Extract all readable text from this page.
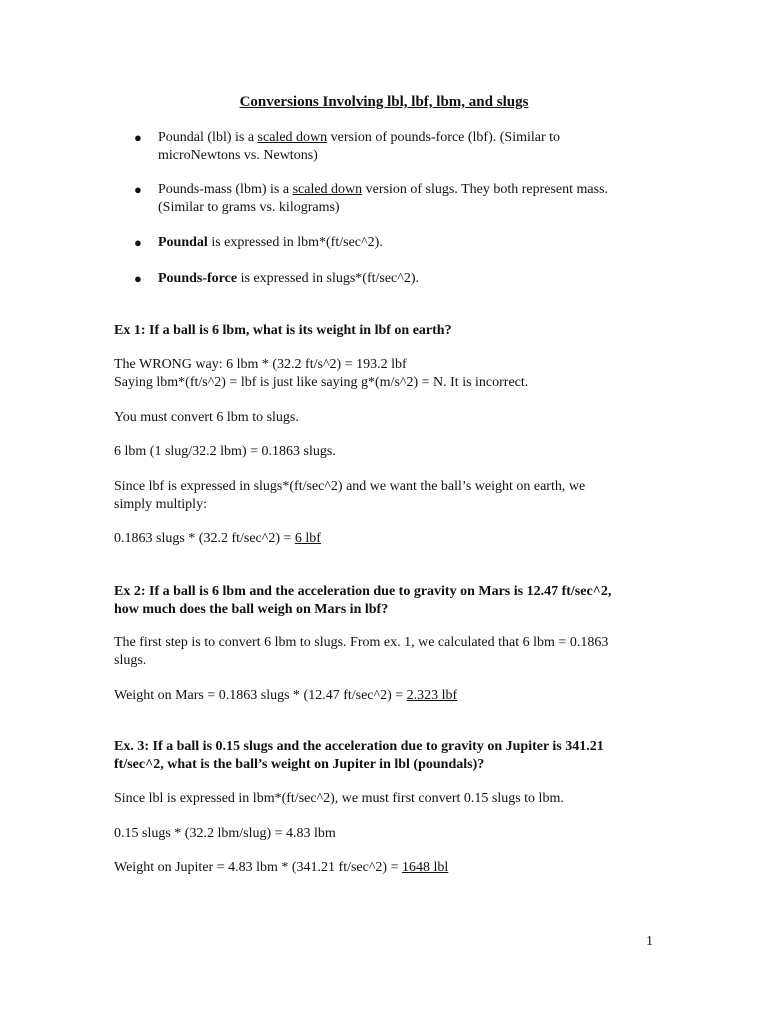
Conversions Involving lbl, lbf, lbm, and slugs
● Poundal (lbl) is a scaled down version of pounds-force (lbf). (Similar to
microNewtons vs. Newtons)
● Pounds-mass (lbm) is a scaled down version of slugs. They both represent mass.
(Similar to grams vs. kilograms)
● Poundal is expressed in lbm*(ft/sec^2).
● Pounds-force is expressed in slugs*(ft/sec^2).
Ex 1: If a ball is 6 lbm, what is its weight in lbf on earth?
The WRONG way: 6 lbm * (32.2 ft/s^2) = 193.2 lbf
Saying lbm*(ft/s^2) = lbf is just like saying g*(m/s^2) = N. It is incorrect.
You must convert 6 lbm to slugs.
6 lbm (1 slug/32.2 lbm) = 0.1863 slugs.
Since lbf is expressed in slugs*(ft/sec^2) and we want the ball’s weight on earth, we
simply multiply:
0.1863 slugs * (32.2 ft/sec^2) = 6 lbf
Ex 2: If a ball is 6 lbm and the acceleration due to gravity on Mars is 12.47 ft/sec^2,
how much does the ball weigh on Mars in lbf?
The first step is to convert 6 lbm to slugs. From ex. 1, we calculated that 6 lbm = 0.1863
slugs.
Weight on Mars = 0.1863 slugs * (12.47 ft/sec^2) = 2.323 lbf
Ex. 3: If a ball is 0.15 slugs and the acceleration due to gravity on Jupiter is 341.21
ft/sec^2, what is the ball’s weight on Jupiter in lbl (poundals)?
Since lbl is expressed in lbm*(ft/sec^2), we must first convert 0.15 slugs to lbm.
0.15 slugs * (32.2 lbm/slug) = 4.83 lbm
Weight on Jupiter = 4.83 lbm * (341.21 ft/sec^2) = 1648 lbl
1
